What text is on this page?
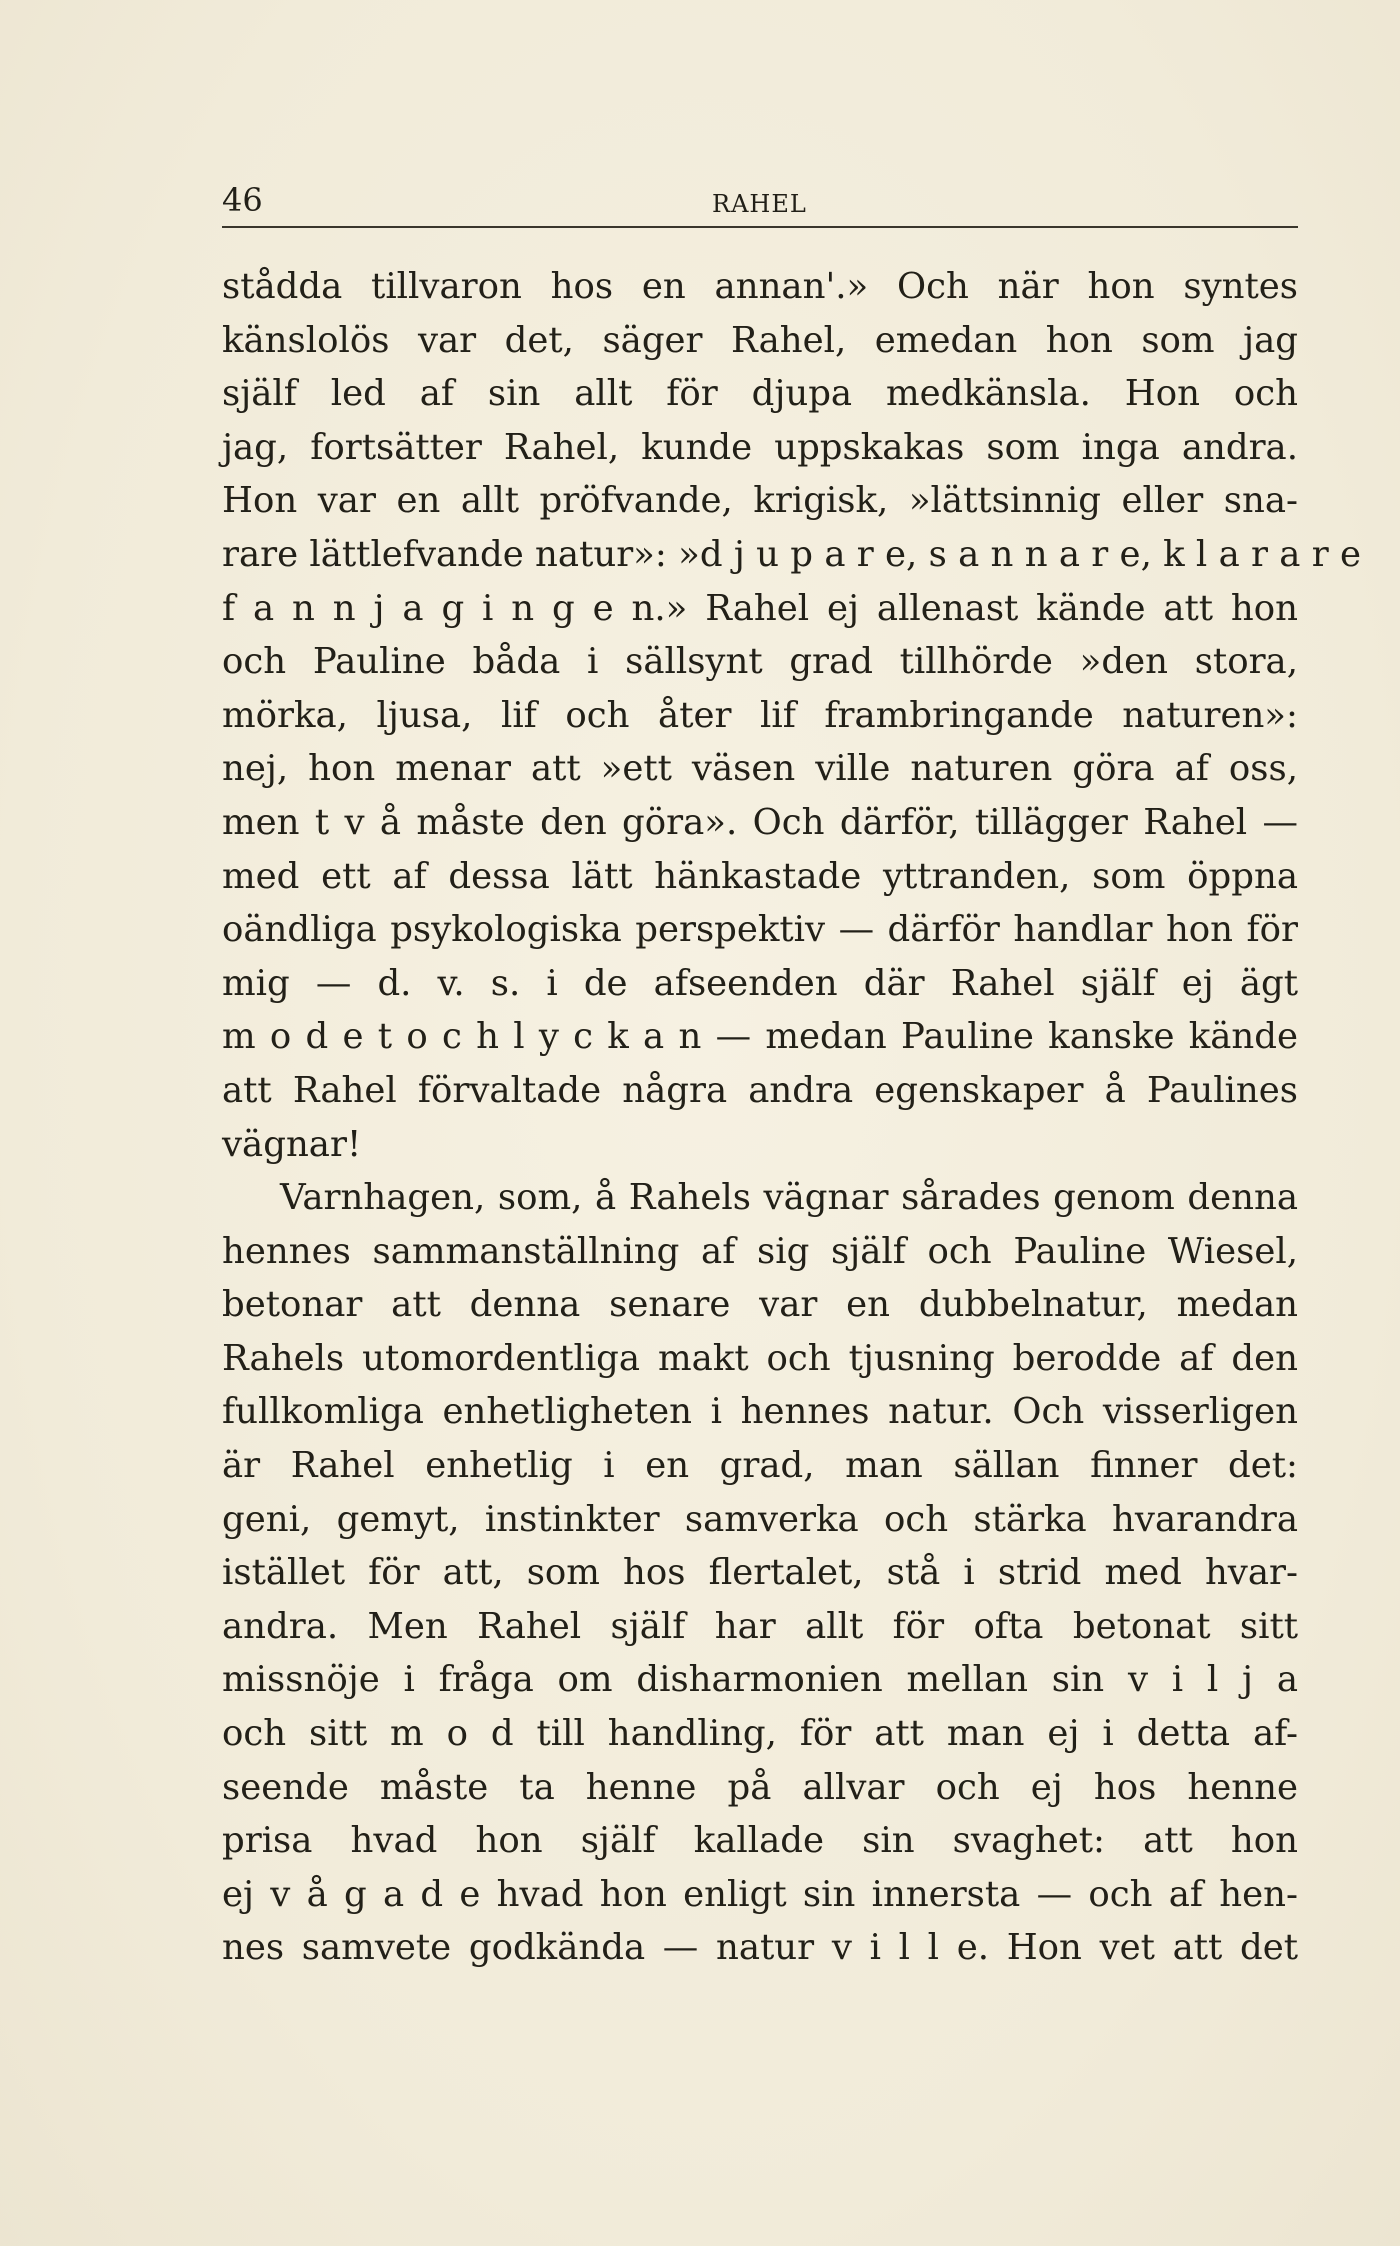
46	RAHEL
stådda tillvaron hos en annan'.» Och när hon syntes
känslolös var det, säger Rahel, emedan hon som jag
själf led af sin allt för djupa medkänsla. Hon och
jag, fortsätter Rahel, kunde uppskakas som inga andra.
Hon var en allt pröfvande, krigisk, »lättsinnig eller sna-
rare lättlefvande natur»: »d j u p a r e, s a n n a r e, k l a r a r e
f a n n j a g i n g e n.» Rahel ej allenast kände att hon
och Pauline båda i sällsynt grad tillhörde »den stora,
mörka, ljusa, lif och åter lif frambringande naturen»:
nej, hon menar att »ett väsen ville naturen göra af oss,
men t v å måste den göra». Och därför, tillägger Rahel —
med ett af dessa lätt hänkastade yttranden, som öppna
oändliga psykologiska perspektiv — därför handlar hon för
mig — d. v. s. i de afseenden där Rahel själf ej ägt
m o d e t o c h l y c k a n — medan Pauline kanske kände
att Rahel förvaltade några andra egenskaper å Paulines
vägnar!
Varnhagen, som, å Rahels vägnar sårades genom denna
hennes sammanställning af sig själf och Pauline Wiesel,
betonar att denna senare var en dubbelnatur, medan
Rahels utomordentliga makt och tjusning berodde af den
fullkomliga enhetligheten i hennes natur. Och visserligen
är Rahel enhetlig i en grad, man sällan finner det:
geni, gemyt, instinkter samverka och stärka hvarandra
istället för att, som hos flertalet, stå i strid med hvar-
andra. Men Rahel själf har allt för ofta betonat sitt
missnöje i fråga om disharmonien mellan sin v i l j a
och sitt m o d till handling, för att man ej i detta af-
seende måste ta henne på allvar och ej hos henne
prisa hvad hon själf kallade sin svaghet: att hon
ej v å g a d e hvad hon enligt sin innersta — och af hen-
nes samvete godkända — natur v i l l e. Hon vet att det
